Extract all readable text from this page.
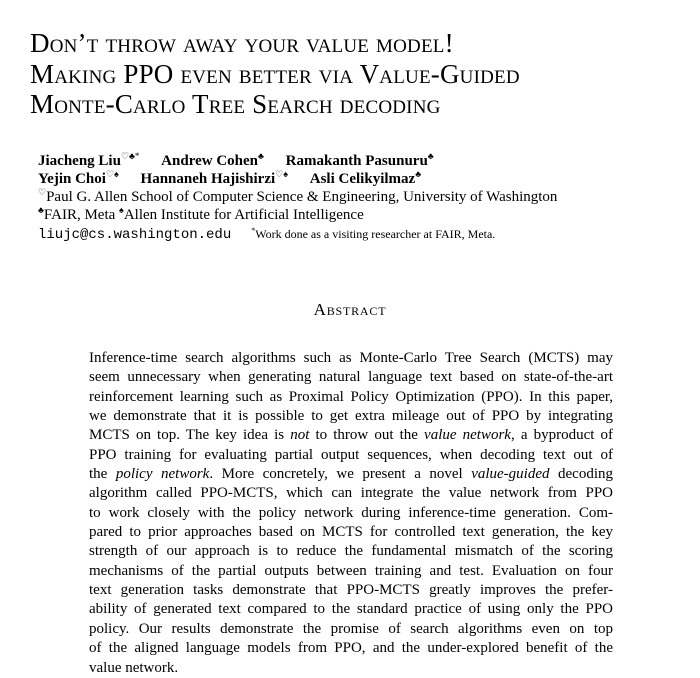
Don’t throw away your value model!
Making PPO even better via Value-Guided
Monte-Carlo Tree Search decoding
Jiacheng Liu♡♣* Andrew Cohen♣ Ramakanth Pasunuru♣
Yejin Choi♡♠ Hannaneh Hajishirzi♡♠ Asli Celikyilmaz♣
♡Paul G. Allen School of Computer Science & Engineering, University of Washington
♣FAIR, Meta ♠Allen Institute for Artificial Intelligence
liujc@cs.washington.edu	*Work done as a visiting researcher at FAIR, Meta.
Abstract
Inference-time search algorithms such as Monte-Carlo Tree Search (MCTS) may
seem unnecessary when generating natural language text based on state-of-the-art
reinforcement learning such as Proximal Policy Optimization (PPO). In this paper,
we demonstrate that it is possible to get extra mileage out of PPO by integrating
MCTS on top. The key idea is not to throw out the value network, a byproduct of
PPO training for evaluating partial output sequences, when decoding text out of
the policy network. More concretely, we present a novel value-guided decoding
algorithm called PPO-MCTS, which can integrate the value network from PPO
to work closely with the policy network during inference-time generation. Com-
pared to prior approaches based on MCTS for controlled text generation, the key
strength of our approach is to reduce the fundamental mismatch of the scoring
mechanisms of the partial outputs between training and test. Evaluation on four
text generation tasks demonstrate that PPO-MCTS greatly improves the prefer-
ability of generated text compared to the standard practice of using only the PPO
policy. Our results demonstrate the promise of search algorithms even on top
of the aligned language models from PPO, and the under-explored benefit of the
value network.
